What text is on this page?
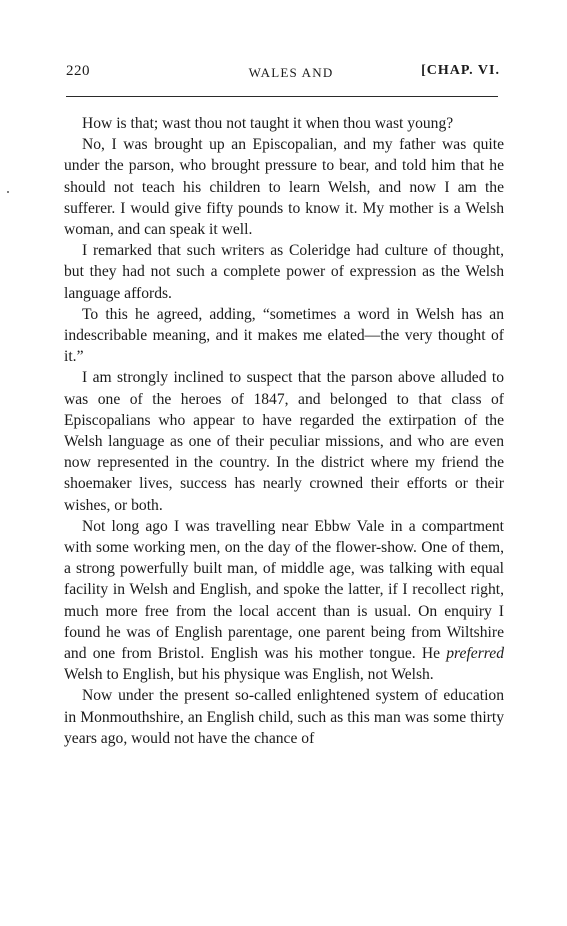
220	WALES AND	[CHAP. VI.

How is that; wast thou not taught it when thou wast young?

No, I was brought up an Episcopalian, and my father was quite under the parson, who brought pressure to bear, and told him that he should not teach his children to learn Welsh, and now I am the sufferer. I would give fifty pounds to know it. My mother is a Welsh woman, and can speak it well.

I remarked that such writers as Coleridge had culture of thought, but they had not such a complete power of expression as the Welsh language affords.

To this he agreed, adding, “sometimes a word in Welsh has an indescribable meaning, and it makes me elated—the very thought of it.”

I am strongly inclined to suspect that the parson above alluded to was one of the heroes of 1847, and belonged to that class of Episcopalians who appear to have regarded the extirpation of the Welsh language as one of their peculiar missions, and who are even now represented in the country. In the district where my friend the shoemaker lives, success has nearly crowned their efforts or their wishes, or both.

Not long ago I was travelling near Ebbw Vale in a compartment with some working men, on the day of the flower-show. One of them, a strong powerfully built man, of middle age, was talking with equal facility in Welsh and English, and spoke the latter, if I recollect right, much more free from the local accent than is usual. On enquiry I found he was of English parentage, one parent being from Wiltshire and one from Bristol. English was his mother tongue. He preferred Welsh to English, but his physique was English, not Welsh.

Now under the present so-called enlightened system of education in Monmouthshire, an English child, such as this man was some thirty years ago, would not have the chance of
